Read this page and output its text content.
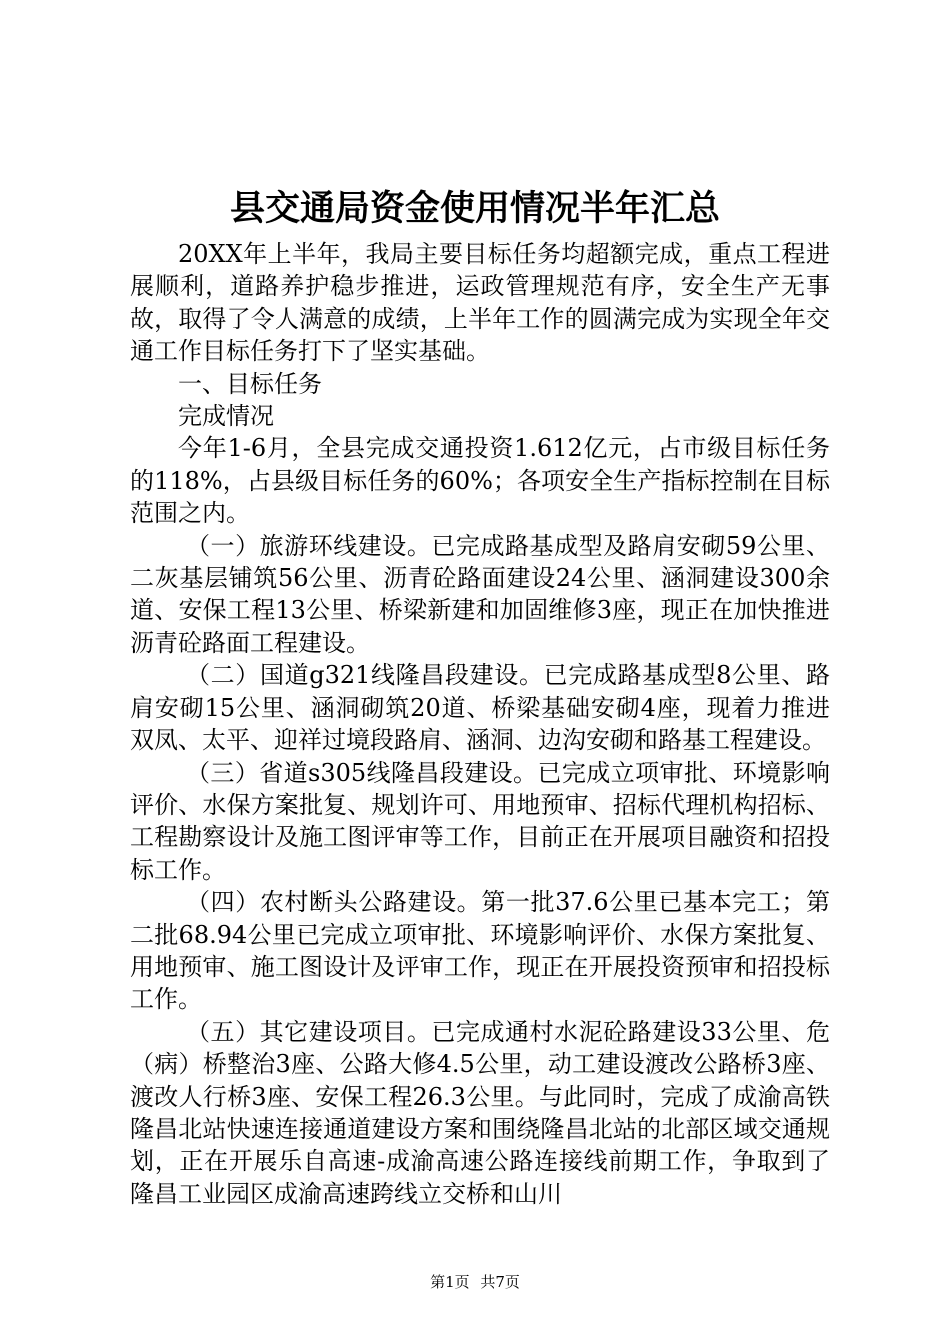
县交通局资金使用情况半年汇总

20XX年上半年，我局主要目标任务均超额完成，重点工程进展顺利，道路养护稳步推进，运政管理规范有序，安全生产无事故，取得了令人满意的成绩，上半年工作的圆满完成为实现全年交通工作目标任务打下了坚实基础。

一、目标任务

完成情况

今年1-6月，全县完成交通投资1.612亿元，占市级目标任务的118%，占县级目标任务的60%；各项安全生产指标控制在目标范围之内。

（一）旅游环线建设。已完成路基成型及路肩安砌59公里、二灰基层铺筑56公里、沥青砼路面建设24公里、涵洞建设300余道、安保工程13公里、桥梁新建和加固维修3座，现正在加快推进沥青砼路面工程建设。

（二）国道g321线隆昌段建设。已完成路基成型8公里、路肩安砌15公里、涵洞砌筑20道、桥梁基础安砌4座，现着力推进双凤、太平、迎祥过境段路肩、涵洞、边沟安砌和路基工程建设。

（三）省道s305线隆昌段建设。已完成立项审批、环境影响评价、水保方案批复、规划许可、用地预审、招标代理机构招标、工程勘察设计及施工图评审等工作，目前正在开展项目融资和招投标工作。

（四）农村断头公路建设。第一批37.6公里已基本完工；第二批68.94公里已完成立项审批、环境影响评价、水保方案批复、用地预审、施工图设计及评审工作，现正在开展投资预审和招投标工作。

（五）其它建设项目。已完成通村水泥砼路建设33公里、危（病）桥整治3座、公路大修4.5公里，动工建设渡改公路桥3座、渡改人行桥3座、安保工程26.3公里。与此同时，完成了成渝高铁隆昌北站快速连接通道建设方案和围绕隆昌北站的北部区域交通规划，正在开展乐自高速-成渝高速公路连接线前期工作，争取到了隆昌工业园区成渝高速跨线立交桥和山川

第1页 共7页
